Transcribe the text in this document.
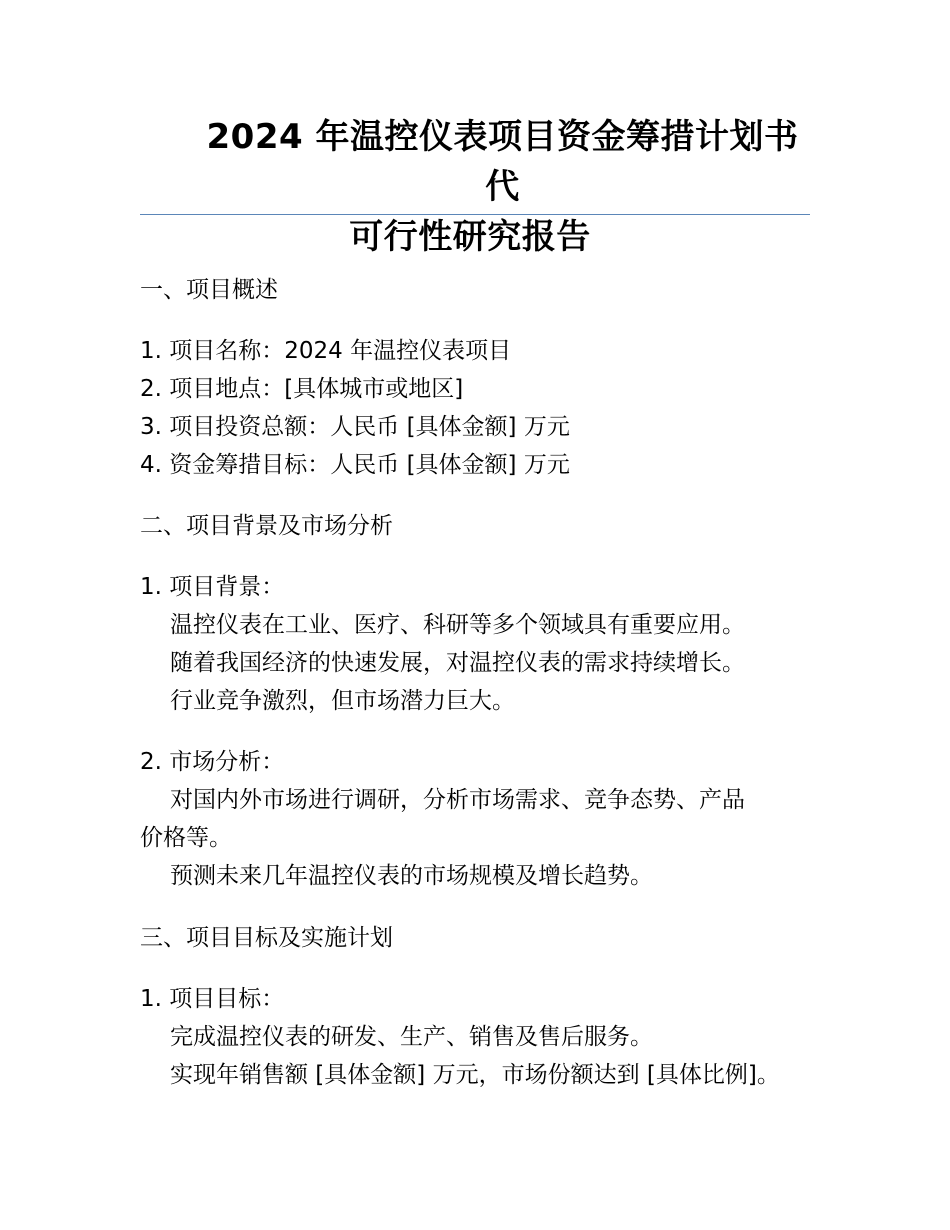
2024 年温控仪表项目资金筹措计划书代
可行性研究报告
一、项目概述
1. 项目名称：2024 年温控仪表项目
2. 项目地点：[具体城市或地区]
3. 项目投资总额：人民币 [具体金额] 万元
4. 资金筹措目标：人民币 [具体金额] 万元
二、项目背景及市场分析
1. 项目背景：
温控仪表在工业、医疗、科研等多个领域具有重要应用。
随着我国经济的快速发展，对温控仪表的需求持续增长。
行业竞争激烈，但市场潜力巨大。
2. 市场分析：
对国内外市场进行调研，分析市场需求、竞争态势、产品
价格等。
预测未来几年温控仪表的市场规模及增长趋势。
三、项目目标及实施计划
1. 项目目标：
完成温控仪表的研发、生产、销售及售后服务。
实现年销售额 [具体金额] 万元，市场份额达到 [具体比例]。
